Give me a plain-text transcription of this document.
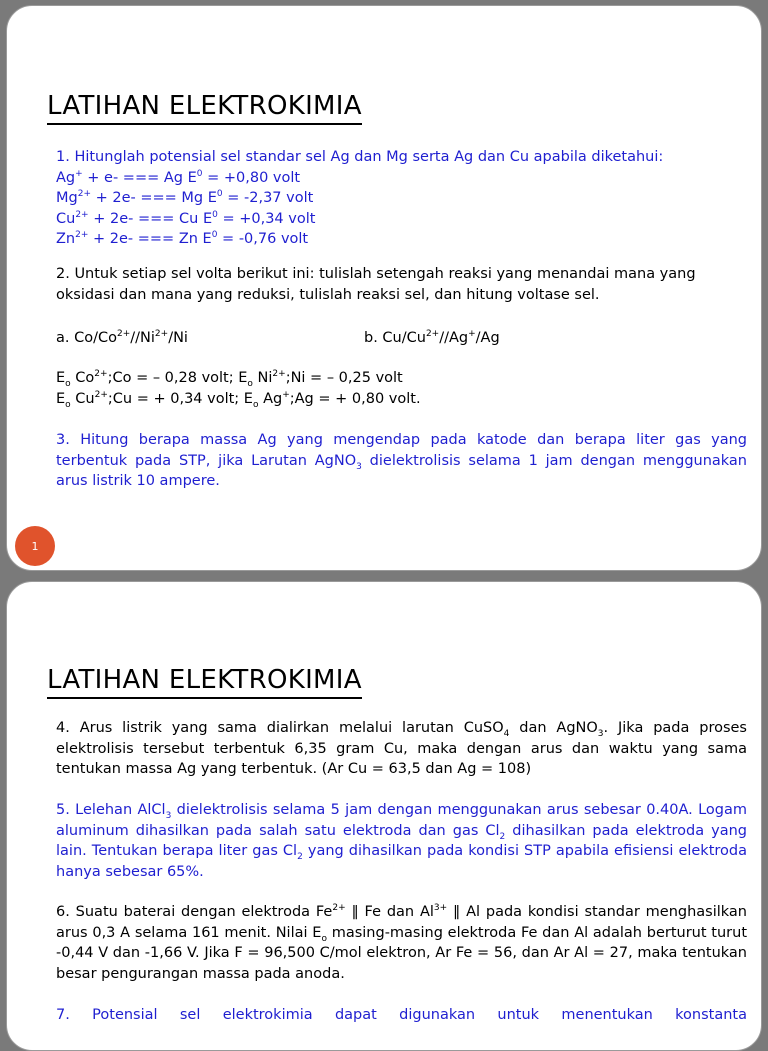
LATIHAN ELEKTROKIMIA

1. Hitunglah potensial sel standar sel Ag dan Mg serta Ag dan Cu apabila diketahui:

Ag+ + e- === Ag $E^0 = +0,80$ volt

$Mg^{2+} + 2e-$ === Mg $E^0 = -2,37$ volt

$Cu^{2+} + 2e-$ === Cu $E^0 = +0,34$ volt

$Zn^{2+} + 2e-$ === Zn $E^0 = -0,76$ volt

2. Untuk setiap sel volta berikut ini: tulislah setengah reaksi yang menandai mana yang oksidasi dan mana yang reduksi, tulislah reaksi sel, dan hitung voltase sel.

a. $Co/Co^{2+}//Ni^{2+}/Ni$	b. $Cu/Cu^{2+}//Ag^+/Ag$

$E_o$ $Co^{2+};Co$ = – 0,28 volt; $E_o$ $Ni^{2+};Ni$ = – 0,25 volt

$E_o$ $Cu^{2+};Cu$ = + 0,34 volt; $E_o$ Ag+;Ag = + 0,80 volt.

3. Hitung berapa massa Ag yang mengendap pada katode dan berapa liter gas yang terbentuk pada STP, jika Larutan AgNO$_3$ dielektrolisis selama 1 jam dengan menggunakan arus listrik 10 ampere.

1
LATIHAN ELEKTROKIMIA

4. Arus listrik yang sama dialirkan melalui larutan CuSO$_4$ dan AgNO$_3$. Jika pada proses elektrolisis tersebut terbentuk 6,35 gram Cu, maka dengan arus dan waktu yang sama tentukan massa Ag yang terbentuk. (Ar Cu = 63,5 dan Ag = 108)

5. Lelehan AlCl$_3$ dielektrolisis selama 5 jam dengan menggunakan arus sebesar 0.40A. Logam aluminum dihasilkan pada salah satu elektroda dan gas $Cl_2$ dihasilkan pada elektroda yang lain. Tentukan berapa liter gas $Cl_2$ yang dihasilkan pada kondisi STP apabila efisiensi elektroda hanya sebesar 65%.

6. Suatu baterai dengan elektroda $Fe^{2+}$ ‖ Fe dan $Al^{3+}$ ‖ Al pada kondisi standar menghasilkan arus 0,3 A selama 161 menit. Nilai $E_o$ masing-masing elektroda Fe dan Al adalah berturut turut -0,44 V dan -1,66 V. Jika F = 96,500 C/mol elektron, Ar Fe = 56, dan Ar Al = 27, maka tentukan besar pengurangan massa pada anoda.

7. Potensial sel elektrokimia dapat digunakan untuk menentukan konstanta
